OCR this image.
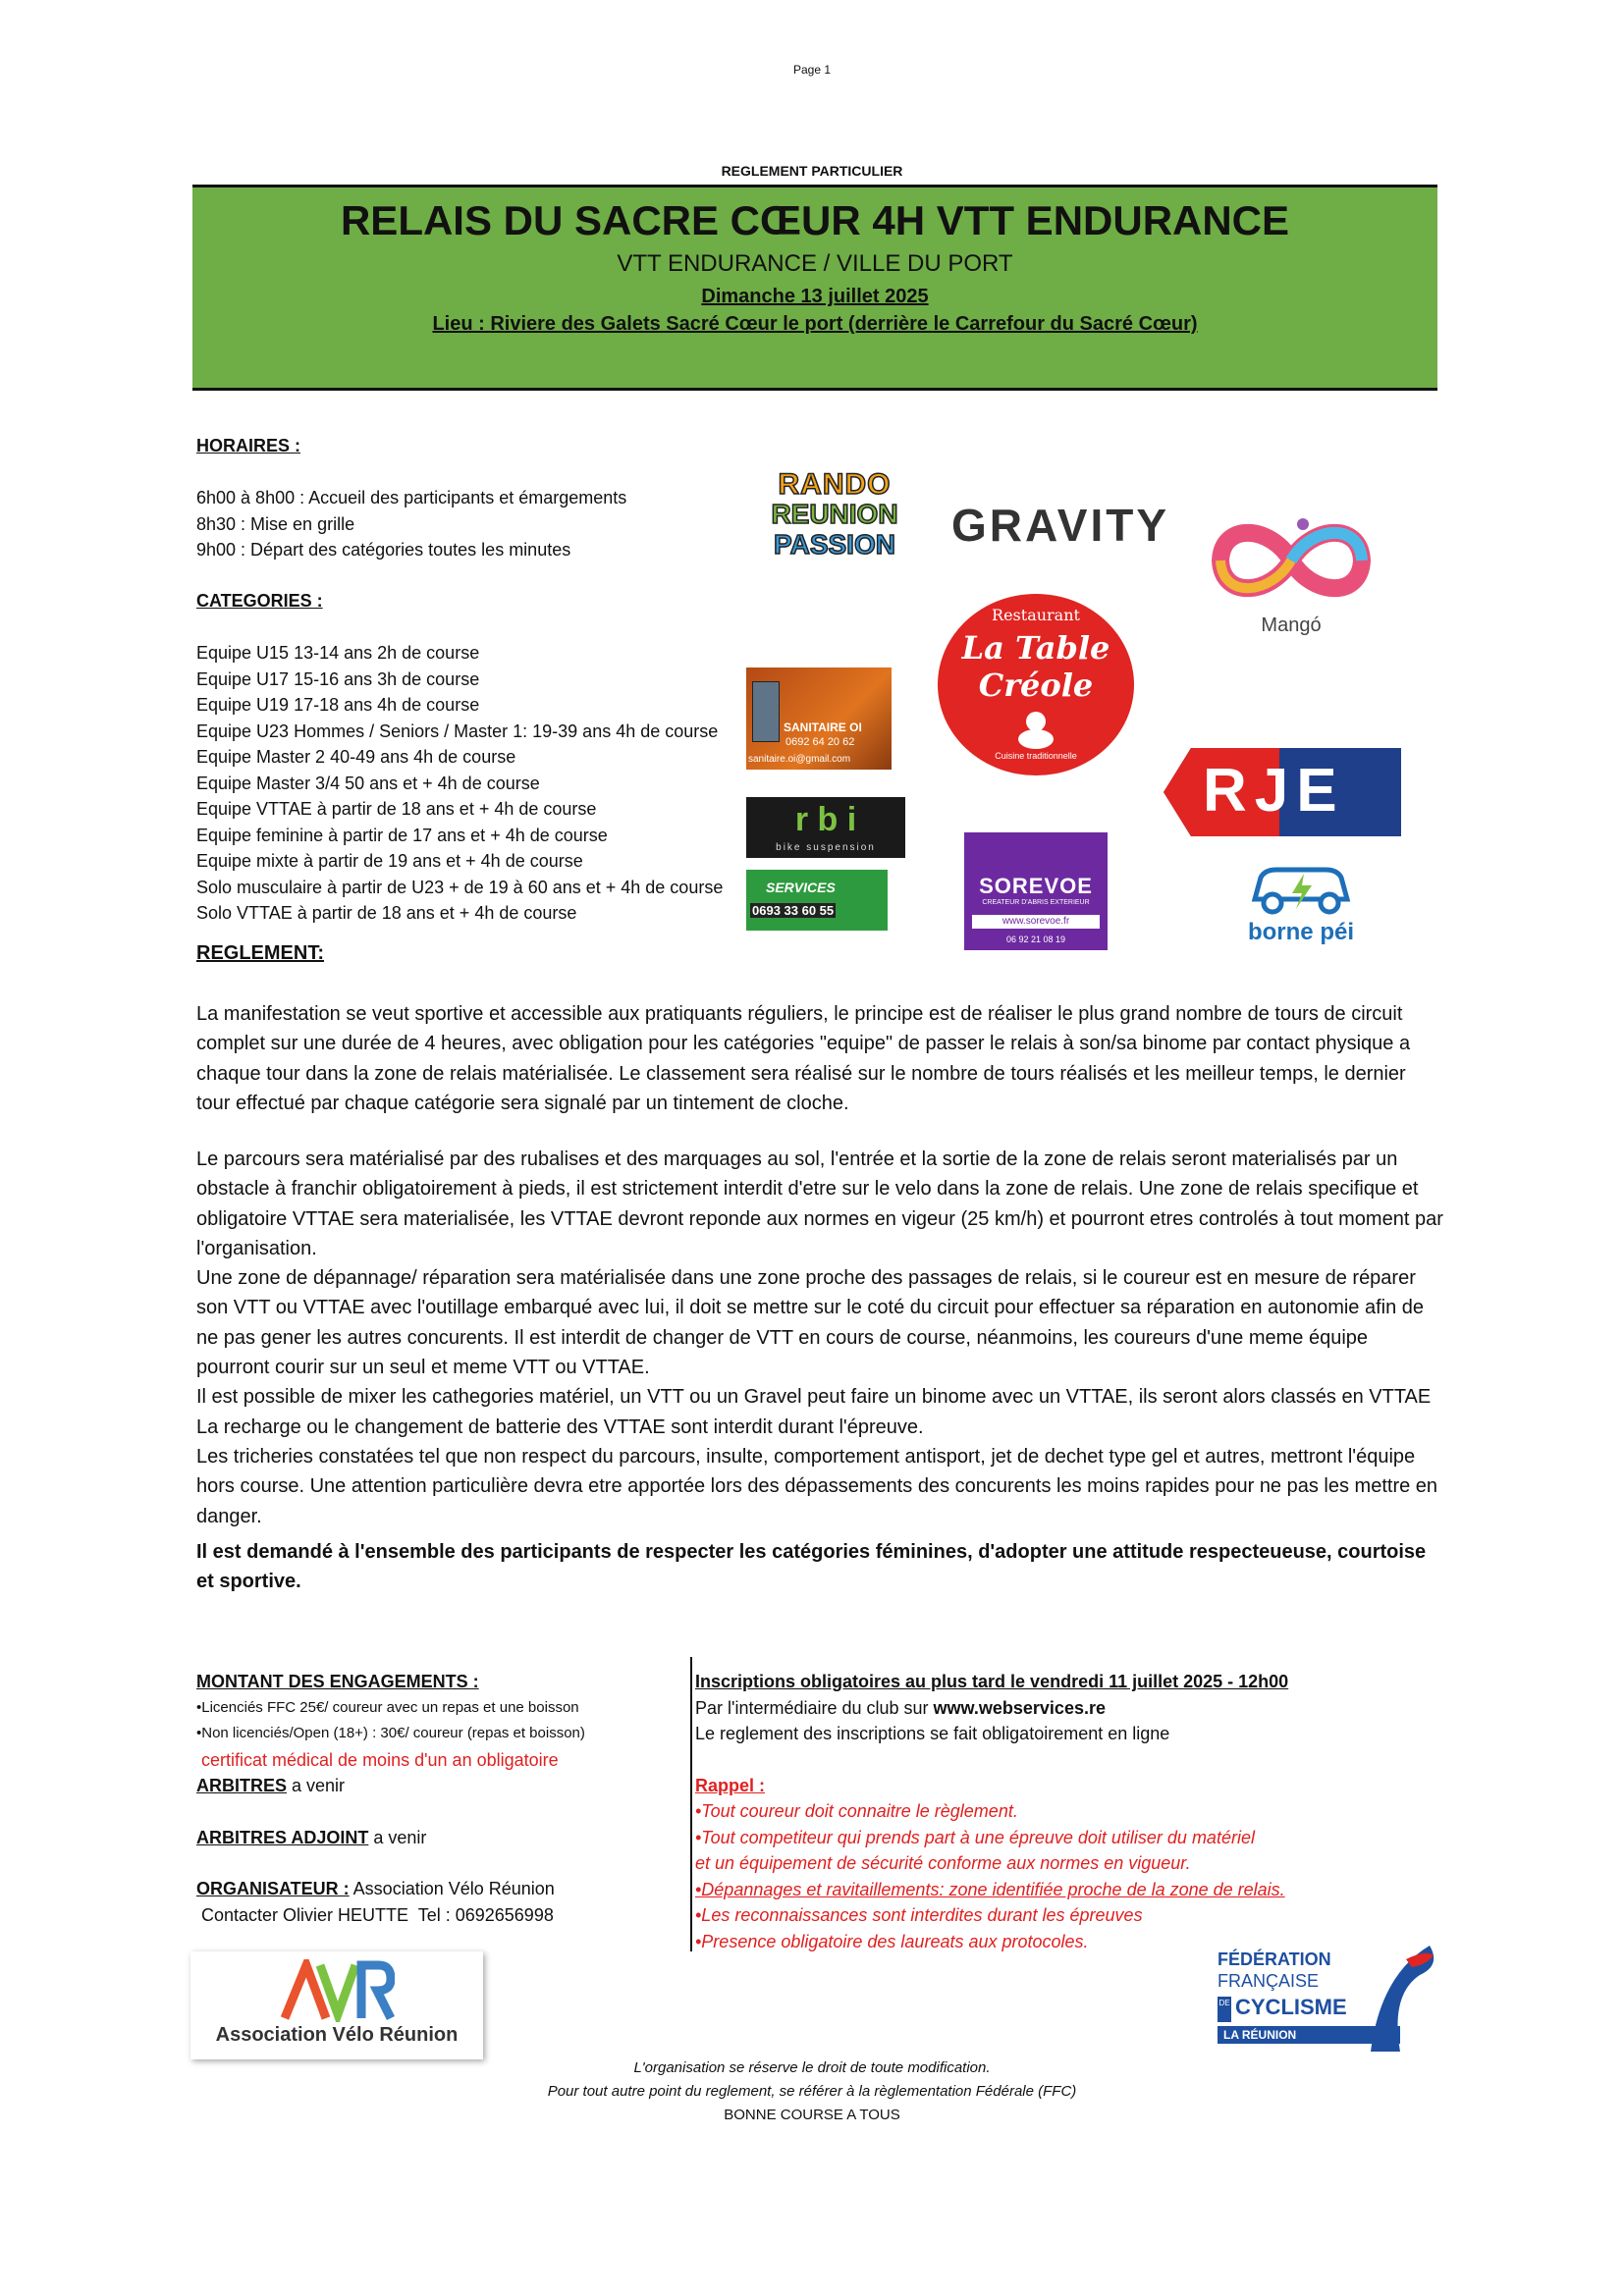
Page 1
REGLEMENT PARTICULIER
RELAIS DU SACRE CŒUR 4H VTT ENDURANCE
VTT ENDURANCE / VILLE DU PORT
Dimanche 13 juillet 2025
Lieu : Riviere des Galets Sacré Cœur le port (derrière le Carrefour du Sacré Cœur)
HORAIRES :
6h00 à 8h00 : Accueil des participants et émargements
8h30 : Mise en grille
9h00 : Départ des catégories toutes les minutes
CATEGORIES :
Equipe U15 13-14 ans 2h de course
Equipe U17 15-16 ans 3h de course
Equipe U19 17-18 ans 4h de course
Equipe U23 Hommes / Seniors / Master 1: 19-39 ans 4h de course
Equipe Master 2 40-49 ans 4h de course
Equipe Master 3/4 50 ans et + 4h de course
Equipe VTTAE à partir de 18 ans et + 4h de course
Equipe feminine à partir de 17 ans et + 4h de course
Equipe mixte à partir de 19 ans et + 4h de course
Solo musculaire à partir de U23 + de 19 à 60 ans et + 4h de course
Solo VTTAE à partir de 18 ans et + 4h de course
RANDO
REUNION
PASSION	GRAVITY
Mangó
Restaurant
La Table
Créole
Cuisine traditionnelle
SANITAIRE OI
0692 64 20 62
sanitaire.oi@gmail.com	RJE
r b i
bike suspension
SOREVOE
CREATEUR D'ABRIS EXTERIEUR
www.sorevoe.fr
06 92 21 08 19	borne péi
SERVICES
0693 33 60 55
REGLEMENT:

La manifestation se veut sportive et accessible aux pratiquants réguliers, le principe est de réaliser le plus grand nombre de tours de circuit complet sur une durée de 4 heures, avec obligation pour les catégories "equipe" de passer le relais à son/sa binome par contact physique a chaque tour dans la zone de relais matérialisée. Le classement sera réalisé sur le nombre de tours réalisés et les meilleur temps, le dernier tour effectué par chaque catégorie sera signalé par un tintement de cloche.

Le parcours sera matérialisé par des rubalises et des marquages au sol, l'entrée et la sortie de la zone de relais seront materialisés par un obstacle à franchir obligatoirement à pieds, il est strictement interdit d'etre sur le velo dans la zone de relais. Une zone de relais specifique et obligatoire VTTAE sera materialisée, les VTTAE devront reponde aux normes en vigeur (25 km/h) et pourront etres controlés à tout moment par l'organisation.

Une zone de dépannage/ réparation sera matérialisée dans une zone proche des passages de relais, si le coureur est en mesure de réparer son VTT ou VTTAE avec l'outillage embarqué avec lui, il doit se mettre sur le coté du circuit pour effectuer sa réparation en autonomie afin de ne pas gener les autres concurents. Il est interdit de changer de VTT en cours de course, néanmoins, les coureurs d'une meme équipe pourront courir sur un seul et meme VTT ou VTTAE.

Il est possible de mixer les cathegories matériel, un VTT ou un Gravel peut faire un binome avec un VTTAE, ils seront alors classés en VTTAE

La recharge ou le changement de batterie des VTTAE sont interdit durant l'épreuve.

Les tricheries constatées tel que non respect du parcours, insulte, comportement antisport, jet de dechet type gel et autres, mettront l'équipe hors course. Une attention particulière devra etre apportée lors des dépassements des concurents les moins rapides pour ne pas les mettre en danger.

Il est demandé à l'ensemble des participants de respecter les catégories féminines, d'adopter une attitude respecteueuse, courtoise et sportive.

MONTANT DES ENGAGEMENTS :
•Licenciés FFC 25€/ coureur avec un repas et une boisson
•Non licenciés/Open (18+) : 30€/ coureur (repas et boisson)
certificat médical de moins d'un an obligatoire
ARBITRES a venir
ARBITRES ADJOINT a venir
ORGANISATEUR : Association Vélo Réunion
Contacter Olivier HEUTTE  Tel : 0692656998
Inscriptions obligatoires au plus tard le vendredi 11 juillet 2025 - 12h00
Par l'intermédiaire du club sur www.webservices.re
Le reglement des inscriptions se fait obligatoirement en ligne
Rappel :
•Tout coureur doit connaitre le règlement.
•Tout competiteur qui prends part à une épreuve doit utiliser du matériel
et un équipement de sécurité conforme aux normes en vigueur.
•Dépannages et ravitaillements: zone identifiée proche de la zone de relais.
•Les reconnaissances sont interdites durant les épreuves
•Presence obligatoire des laureats aux protocoles.
Association Vélo Réunion
FÉDÉRATION
FRANÇAISE
DE CYCLISME
LA RÉUNION
L'organisation se réserve le droit de toute modification.
Pour tout autre point du reglement, se référer à la règlementation Fédérale (FFC)
BONNE COURSE A TOUS
